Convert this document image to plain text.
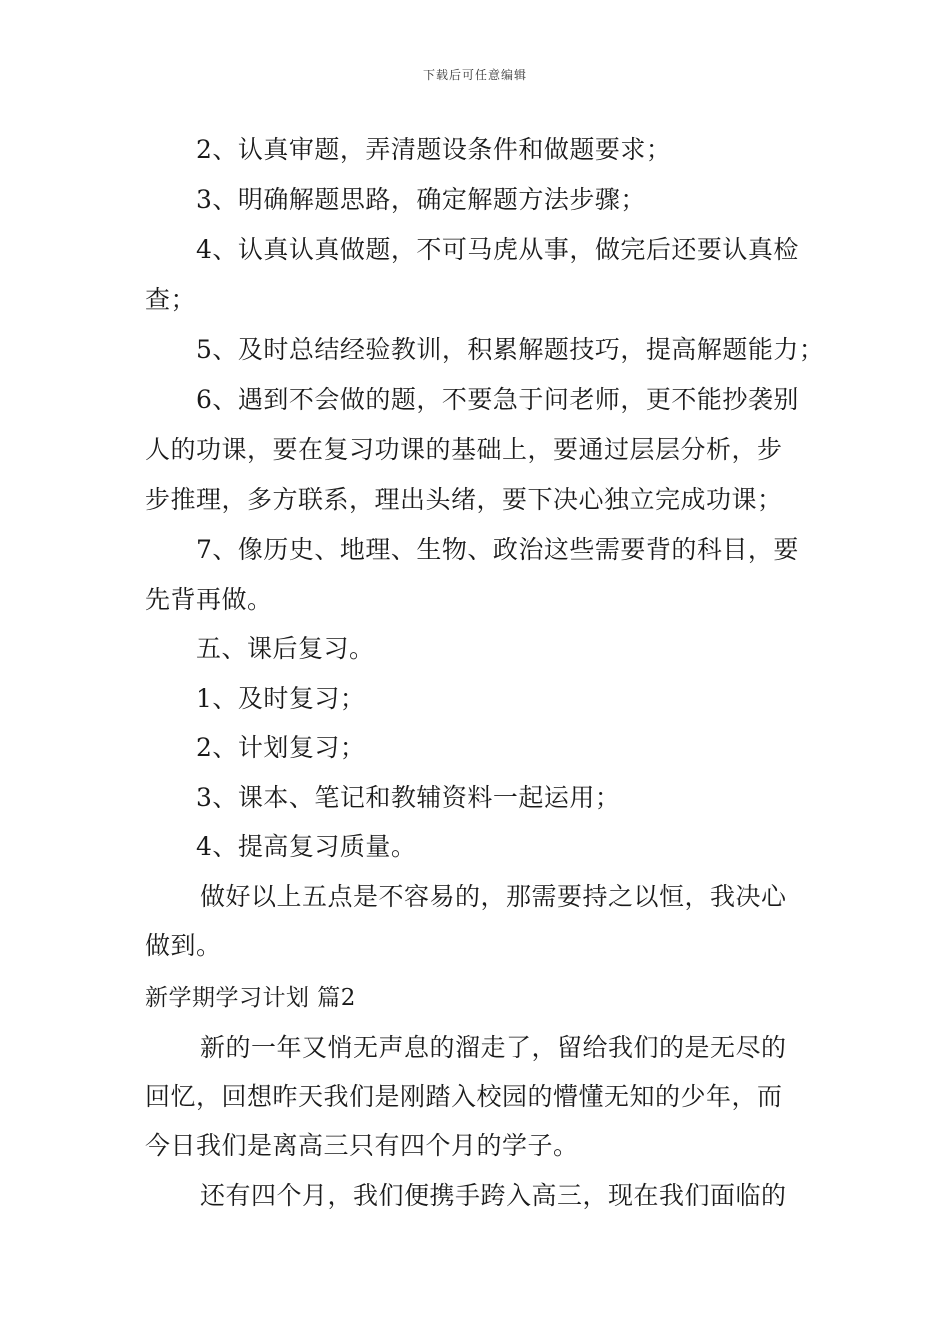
下载后可任意编辑
2、认真审题，弄清题设条件和做题要求；
3、明确解题思路，确定解题方法步骤；
4、认真认真做题，不可马虎从事，做完后还要认真检
查；
5、及时总结经验教训，积累解题技巧，提高解题能力；
6、遇到不会做的题，不要急于问老师，更不能抄袭别
人的功课，要在复习功课的基础上，要通过层层分析，步
步推理，多方联系，理出头绪，要下决心独立完成功课；
7、像历史、地理、生物、政治这些需要背的科目，要
先背再做。
五、课后复习。
1、及时复习；
2、计划复习；
3、课本、笔记和教辅资料一起运用；
4、提高复习质量。
做好以上五点是不容易的，那需要持之以恒，我决心
做到。
新学期学习计划 篇2
新的一年又悄无声息的溜走了，留给我们的是无尽的
回忆，回想昨天我们是刚踏入校园的懵懂无知的少年，而
今日我们是离高三只有四个月的学子。
还有四个月，我们便携手跨入高三，现在我们面临的
